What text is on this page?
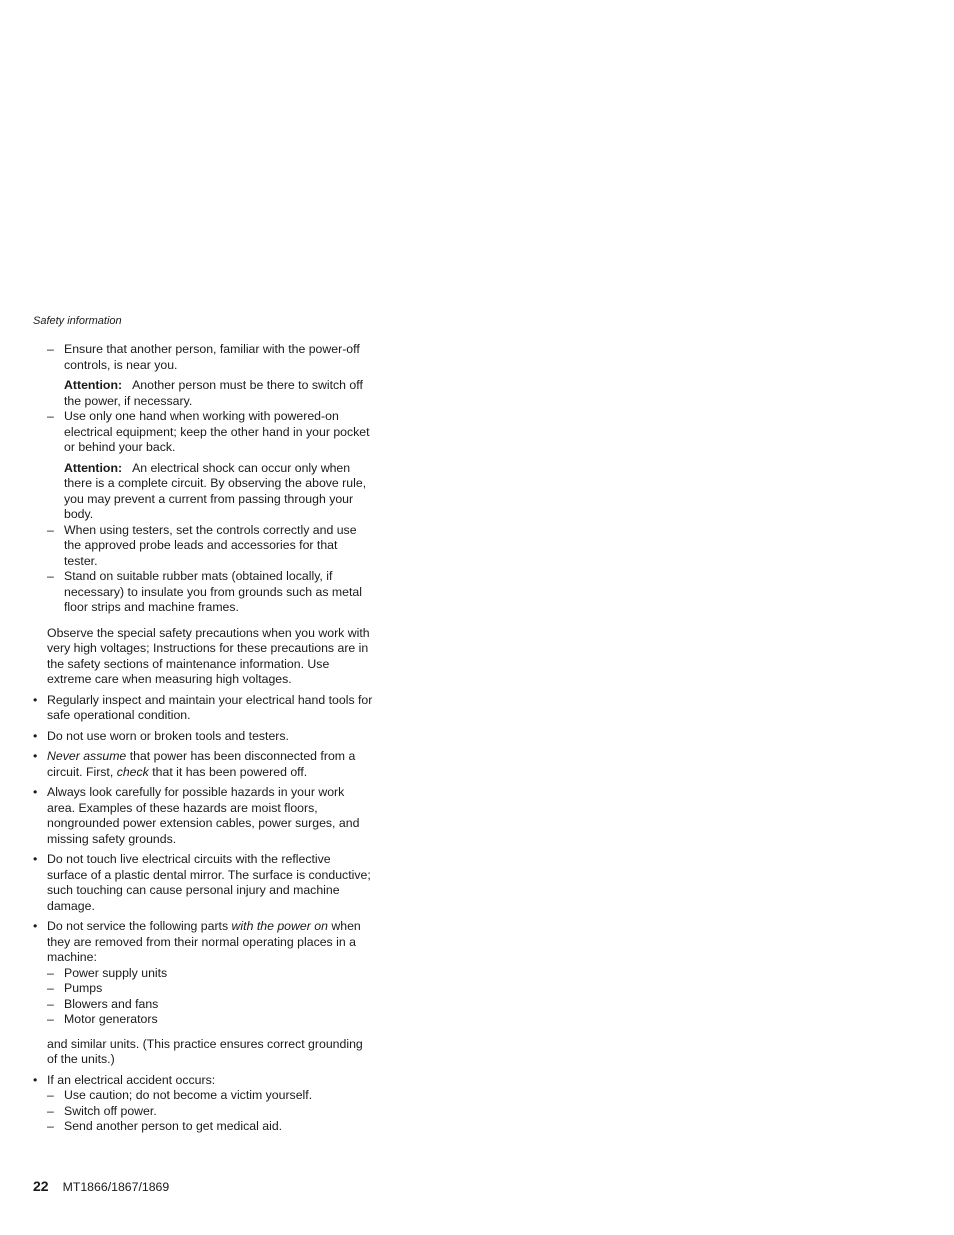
Safety information
– Ensure that another person, familiar with the power-off controls, is near you.
Attention: Another person must be there to switch off the power, if necessary.
– Use only one hand when working with powered-on electrical equipment; keep the other hand in your pocket or behind your back.
Attention: An electrical shock can occur only when there is a complete circuit. By observing the above rule, you may prevent a current from passing through your body.
– When using testers, set the controls correctly and use the approved probe leads and accessories for that tester.
– Stand on suitable rubber mats (obtained locally, if necessary) to insulate you from grounds such as metal floor strips and machine frames.
Observe the special safety precautions when you work with very high voltages; Instructions for these precautions are in the safety sections of maintenance information. Use extreme care when measuring high voltages.
• Regularly inspect and maintain your electrical hand tools for safe operational condition.
• Do not use worn or broken tools and testers.
• Never assume that power has been disconnected from a circuit. First, check that it has been powered off.
• Always look carefully for possible hazards in your work area. Examples of these hazards are moist floors, nongrounded power extension cables, power surges, and missing safety grounds.
• Do not touch live electrical circuits with the reflective surface of a plastic dental mirror. The surface is conductive; such touching can cause personal injury and machine damage.
• Do not service the following parts with the power on when they are removed from their normal operating places in a machine:
– Power supply units
– Pumps
– Blowers and fans
– Motor generators
and similar units. (This practice ensures correct grounding of the units.)
• If an electrical accident occurs:
– Use caution; do not become a victim yourself.
– Switch off power.
– Send another person to get medical aid.
22 MT1866/1867/1869
